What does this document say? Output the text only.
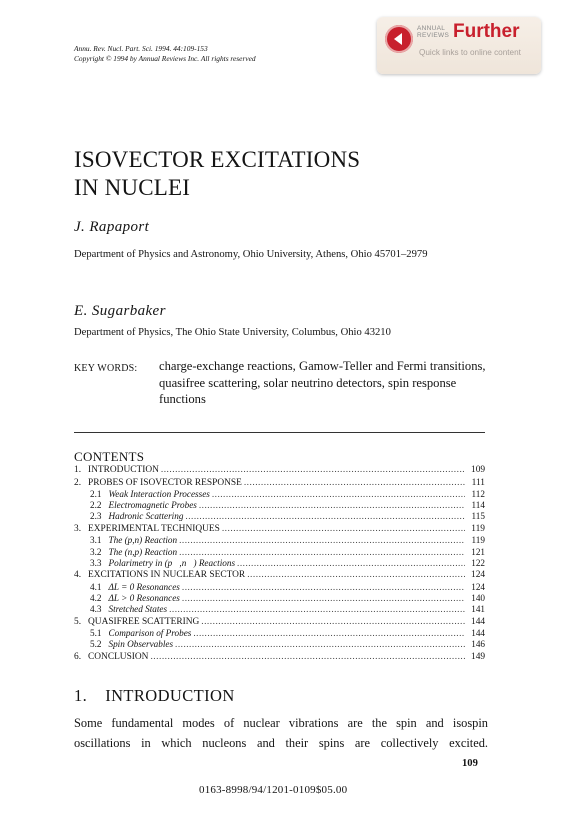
Annu. Rev. Nucl. Part. Sci. 1994. 44:109-153
Copyright © 1994 by Annual Reviews Inc. All rights reserved
ANNUAL
REVIEWS Further
Quick links to online content
ISOVECTOR EXCITATIONS
IN NUCLEI
J. Rapaport
Department of Physics and Astronomy, Ohio University, Athens, Ohio 45701–2979
E. Sugarbaker
Department of Physics, The Ohio State University, Columbus, Ohio 43210
KEY WORDS: charge-exchange reactions, Gamow-Teller and Fermi transitions, quasifree scattering, solar neutrino detectors, spin response functions
CONTENTS
1. INTRODUCTION .....	109
2. PROBES OF ISOVECTOR RESPONSE .....	111
2.1 Weak Interaction Processes .....	112
2.2 Electromagnetic Probes .....	114
2.3 Hadronic Scattering .....	115
3. EXPERIMENTAL TECHNIQUES .....	119
3.1 The (p,n) Reaction .....	119
3.2 The (n,p) Reaction .....	121
3.3 Polarimetry in (p⃗,n⃗) Reactions .....	122
4. EXCITATIONS IN NUCLEAR SECTOR .....	124
4.1 ΔL = 0 Resonances .....	124
4.2 ΔL > 0 Resonances .....	140
4.3 Stretched States .....	141
5. QUASIFREE SCATTERING .....	144
5.1 Comparison of Probes .....	144
5.2 Spin Observables .....	146
6. CONCLUSION .....	149
1. INTRODUCTION
Some fundamental modes of nuclear vibrations are the spin and isospin
oscillations in which nucleons and their spins are collectively excited.
109
0163-8998/94/1201-0109$05.00
